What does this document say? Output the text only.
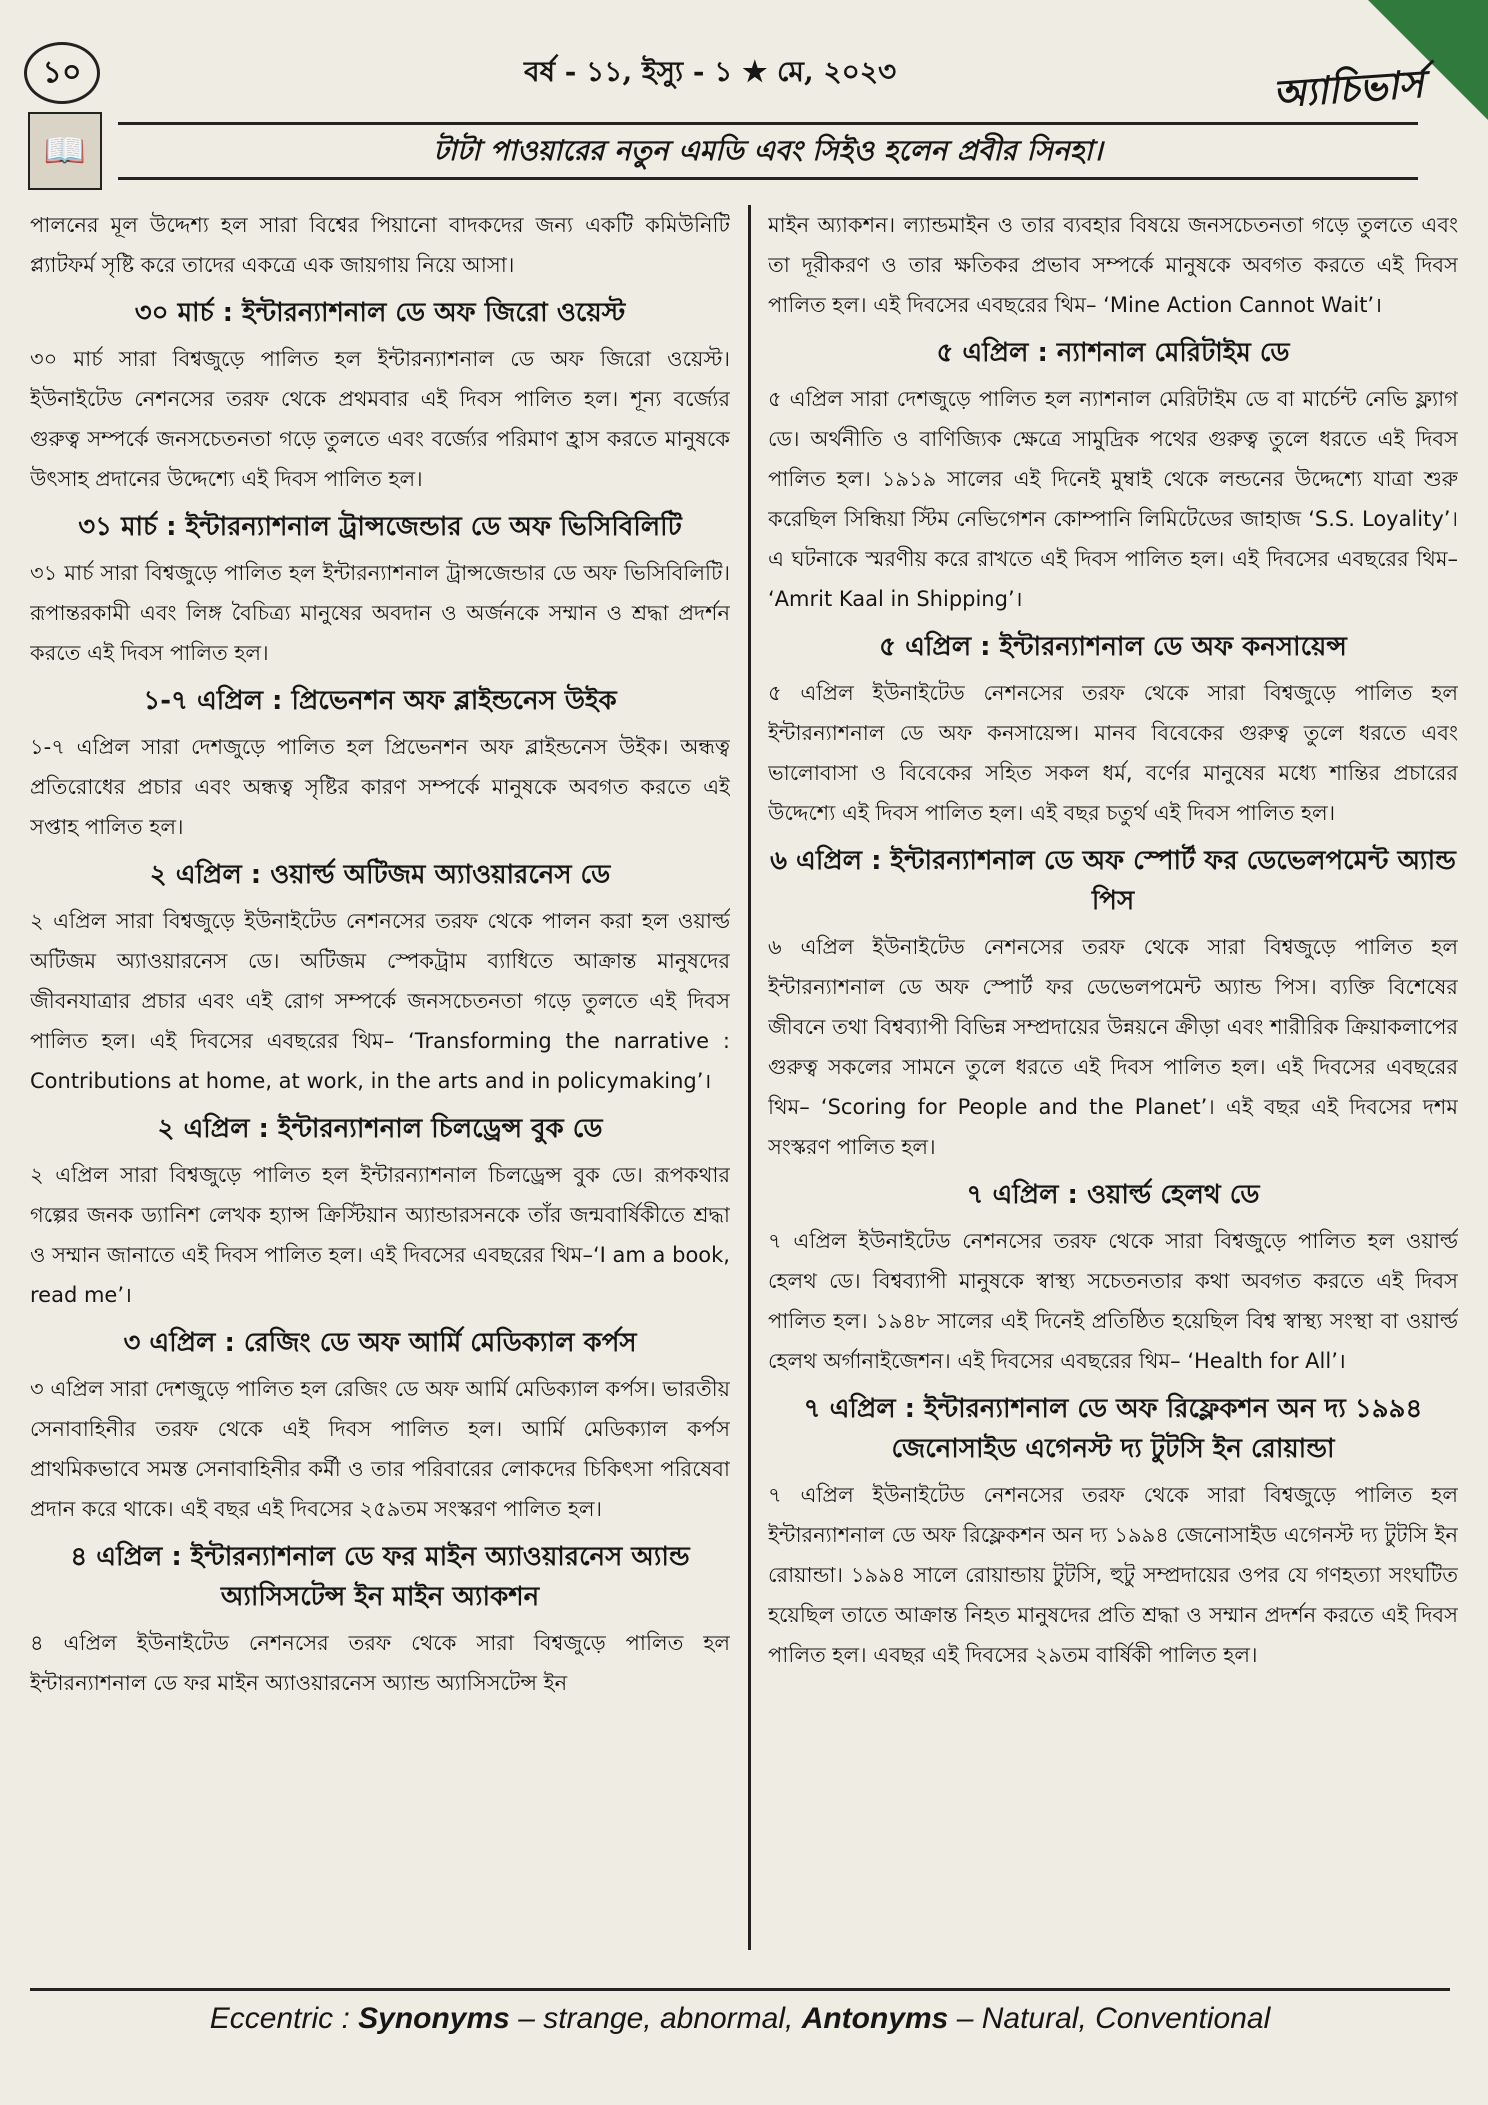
১০	বর্ষ - ১১, ইস্যু - ১ ★ মে, ২০২৩	অ্যাচিভার্স
📖	টাটা পাওয়ারের নতুন এমডি এবং সিইও হলেন প্রবীর সিনহা।

পালনের মূল উদ্দেশ্য হল সারা বিশ্বের পিয়ানো বাদকদের জন্য একটি কমিউনিটি প্ল্যাটফর্ম সৃষ্টি করে তাদের একত্রে এক জায়গায় নিয়ে আসা।

৩০ মার্চ : ইন্টারন্যাশনাল ডে অফ জিরো ওয়েস্ট

৩০ মার্চ সারা বিশ্বজুড়ে পালিত হল ইন্টারন্যাশনাল ডে অফ জিরো ওয়েস্ট। ইউনাইটেড নেশনসের তরফ থেকে প্রথমবার এই দিবস পালিত হল। শূন্য বর্জ্যের গুরুত্ব সম্পর্কে জনসচেতনতা গড়ে তুলতে এবং বর্জ্যের পরিমাণ হ্রাস করতে মানুষকে উৎসাহ প্রদানের উদ্দেশ্যে এই দিবস পালিত হল।

৩১ মার্চ : ইন্টারন্যাশনাল ট্রান্সজেন্ডার ডে অফ ভিসিবিলিটি

৩১ মার্চ সারা বিশ্বজুড়ে পালিত হল ইন্টারন্যাশনাল ট্রান্সজেন্ডার ডে অফ ভিসিবিলিটি। রূপান্তরকামী এবং লিঙ্গ বৈচিত্র্য মানুষের অবদান ও অর্জনকে সম্মান ও শ্রদ্ধা প্রদর্শন করতে এই দিবস পালিত হল।

১-৭ এপ্রিল : প্রিভেনশন অফ ব্লাইন্ডনেস উইক

১-৭ এপ্রিল সারা দেশজুড়ে পালিত হল প্রিভেনশন অফ ব্লাইন্ডনেস উইক। অন্ধত্ব প্রতিরোধের প্রচার এবং অন্ধত্ব সৃষ্টির কারণ সম্পর্কে মানুষকে অবগত করতে এই সপ্তাহ পালিত হল।

২ এপ্রিল : ওয়ার্ল্ড অটিজম অ্যাওয়ারনেস ডে

২ এপ্রিল সারা বিশ্বজুড়ে ইউনাইটেড নেশনসের তরফ থেকে পালন করা হল ওয়ার্ল্ড অটিজম অ্যাওয়ারনেস ডে। অটিজম স্পেকট্রাম ব্যাধিতে আক্রান্ত মানুষদের জীবনযাত্রার প্রচার এবং এই রোগ সম্পর্কে জনসচেতনতা গড়ে তুলতে এই দিবস পালিত হল। এই দিবসের এবছরের থিম– ‘Transforming the narrative : Contributions at home, at work, in the arts and in policymaking’।

২ এপ্রিল : ইন্টারন্যাশনাল চিলড্রেন্স বুক ডে

২ এপ্রিল সারা বিশ্বজুড়ে পালিত হল ইন্টারন্যাশনাল চিলড্রেন্স বুক ডে। রূপকথার গল্পের জনক ড্যানিশ লেখক হ্যান্স ক্রিস্টিয়ান অ্যান্ডারসনকে তাঁর জন্মবার্ষিকীতে শ্রদ্ধা ও সম্মান জানাতে এই দিবস পালিত হল। এই দিবসের এবছরের থিম–‘I am a book, read me’।

৩ এপ্রিল : রেজিং ডে অফ আর্মি মেডিক্যাল কর্পস

৩ এপ্রিল সারা দেশজুড়ে পালিত হল রেজিং ডে অফ আর্মি মেডিক্যাল কর্পস। ভারতীয় সেনাবাহিনীর তরফ থেকে এই দিবস পালিত হল। আর্মি মেডিক্যাল কর্পস প্রাথমিকভাবে সমস্ত সেনাবাহিনীর কর্মী ও তার পরিবারের লোকদের চিকিৎসা পরিষেবা প্রদান করে থাকে। এই বছর এই দিবসের ২৫৯তম সংস্করণ পালিত হল।

৪ এপ্রিল : ইন্টারন্যাশনাল ডে ফর মাইন অ্যাওয়ারনেস অ্যান্ড অ্যাসিসটেন্স ইন মাইন অ্যাকশন

৪ এপ্রিল ইউনাইটেড নেশনসের তরফ থেকে সারা বিশ্বজুড়ে পালিত হল ইন্টারন্যাশনাল ডে ফর মাইন অ্যাওয়ারনেস অ্যান্ড অ্যাসিসটেন্স ইন

মাইন অ্যাকশন। ল্যান্ডমাইন ও তার ব্যবহার বিষয়ে জনসচেতনতা গড়ে তুলতে এবং তা দূরীকরণ ও তার ক্ষতিকর প্রভাব সম্পর্কে মানুষকে অবগত করতে এই দিবস পালিত হল। এই দিবসের এবছরের থিম– ‘Mine Action Cannot Wait’।

৫ এপ্রিল : ন্যাশনাল মেরিটাইম ডে

৫ এপ্রিল সারা দেশজুড়ে পালিত হল ন্যাশনাল মেরিটাইম ডে বা মার্চেন্ট নেভি ফ্ল্যাগ ডে। অর্থনীতি ও বাণিজ্যিক ক্ষেত্রে সামুদ্রিক পথের গুরুত্ব তুলে ধরতে এই দিবস পালিত হল। ১৯১৯ সালের এই দিনেই মুম্বাই থেকে লন্ডনের উদ্দেশ্যে যাত্রা শুরু করেছিল সিন্ধিয়া স্টিম নেভিগেশন কোম্পানি লিমিটেডের জাহাজ ‘S.S. Loyality’। এ ঘটনাকে স্মরণীয় করে রাখতে এই দিবস পালিত হল। এই দিবসের এবছরের থিম– ‘Amrit Kaal in Shipping’।

৫ এপ্রিল : ইন্টারন্যাশনাল ডে অফ কনসায়েন্স

৫ এপ্রিল ইউনাইটেড নেশনসের তরফ থেকে সারা বিশ্বজুড়ে পালিত হল ইন্টারন্যাশনাল ডে অফ কনসায়েন্স। মানব বিবেকের গুরুত্ব তুলে ধরতে এবং ভালোবাসা ও বিবেকের সহিত সকল ধর্ম, বর্ণের মানুষের মধ্যে শান্তির প্রচারের উদ্দেশ্যে এই দিবস পালিত হল। এই বছর চতুর্থ এই দিবস পালিত হল।

৬ এপ্রিল : ইন্টারন্যাশনাল ডে অফ স্পোর্ট ফর ডেভেলপমেন্ট অ্যান্ড পিস

৬ এপ্রিল ইউনাইটেড নেশনসের তরফ থেকে সারা বিশ্বজুড়ে পালিত হল ইন্টারন্যাশনাল ডে অফ স্পোর্ট ফর ডেভেলপমেন্ট অ্যান্ড পিস। ব্যক্তি বিশেষের জীবনে তথা বিশ্বব্যাপী বিভিন্ন সম্প্রদায়ের উন্নয়নে ক্রীড়া এবং শারীরিক ক্রিয়াকলাপের গুরুত্ব সকলের সামনে তুলে ধরতে এই দিবস পালিত হল। এই দিবসের এবছরের থিম– ‘Scoring for People and the Planet’। এই বছর এই দিবসের দশম সংস্করণ পালিত হল।

৭ এপ্রিল : ওয়ার্ল্ড হেলথ ডে

৭ এপ্রিল ইউনাইটেড নেশনসের তরফ থেকে সারা বিশ্বজুড়ে পালিত হল ওয়ার্ল্ড হেলথ ডে। বিশ্বব্যাপী মানুষকে স্বাস্থ্য সচেতনতার কথা অবগত করতে এই দিবস পালিত হল। ১৯৪৮ সালের এই দিনেই প্রতিষ্ঠিত হয়েছিল বিশ্ব স্বাস্থ্য সংস্থা বা ওয়ার্ল্ড হেলথ অর্গানাইজেশন। এই দিবসের এবছরের থিম– ‘Health for All’।

৭ এপ্রিল : ইন্টারন্যাশনাল ডে অফ রিফ্লেকশন অন দ্য ১৯৯৪ জেনোসাইড এগেনস্ট দ্য টুটসি ইন রোয়ান্ডা

৭ এপ্রিল ইউনাইটেড নেশনসের তরফ থেকে সারা বিশ্বজুড়ে পালিত হল ইন্টারন্যাশনাল ডে অফ রিফ্লেকশন অন দ্য ১৯৯৪ জেনোসাইড এগেনস্ট দ্য টুটসি ইন রোয়ান্ডা। ১৯৯৪ সালে রোয়ান্ডায় টুটসি, হুটু সম্প্রদায়ের ওপর যে গণহত্যা সংঘটিত হয়েছিল তাতে আক্রান্ত নিহত মানুষদের প্রতি শ্রদ্ধা ও সম্মান প্রদর্শন করতে এই দিবস পালিত হল। এবছর এই দিবসের ২৯তম বার্ষিকী পালিত হল।

Eccentric : Synonyms – strange, abnormal, Antonyms – Natural, Conventional
